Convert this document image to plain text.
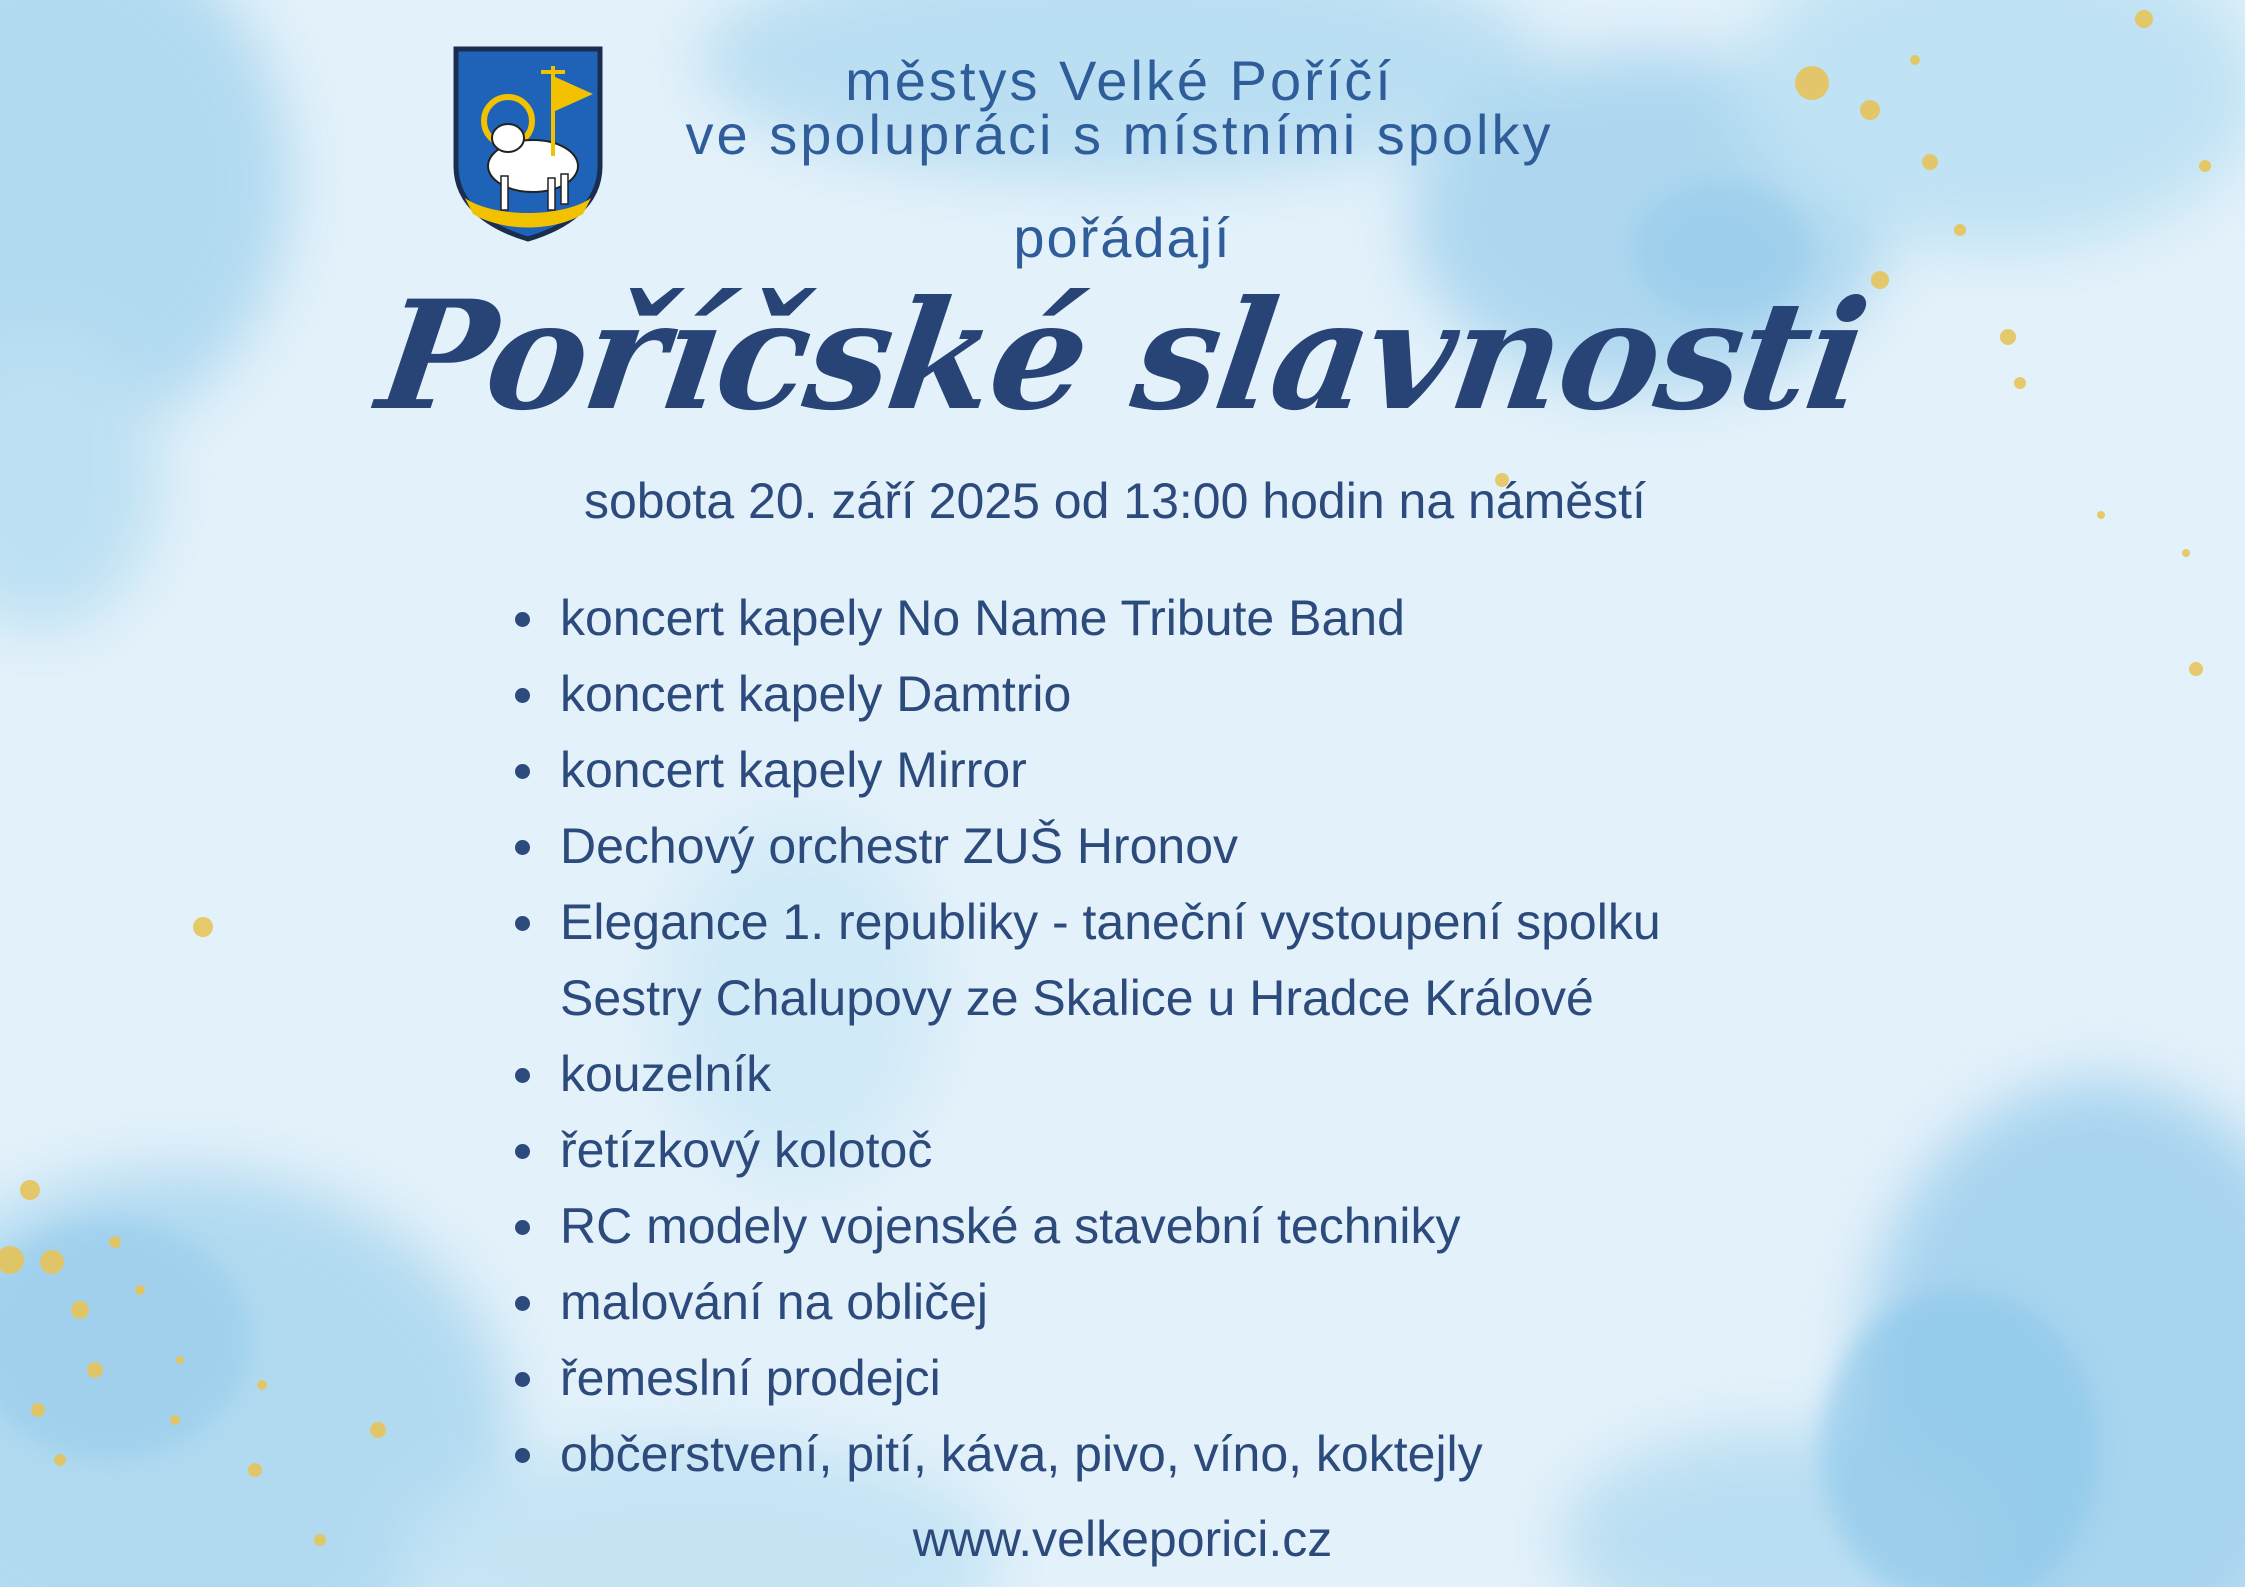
městys Velké Poříčí
ve spolupráci s místními spolky
pořádají
Poříčské slavnosti
sobota 20. září 2025 od 13:00 hodin na náměstí
koncert kapely No Name Tribute Band
koncert kapely Damtrio
koncert kapely Mirror
Dechový orchestr ZUŠ Hronov
Elegance 1. republiky - taneční vystoupení spolku
Sestry Chalupovy ze Skalice u Hradce Králové
kouzelník
řetízkový kolotoč
RC modely vojenské a stavební techniky
malování na obličej
řemeslní prodejci
občerstvení, pití, káva, pivo, víno, koktejly
www.velkeporici.cz
